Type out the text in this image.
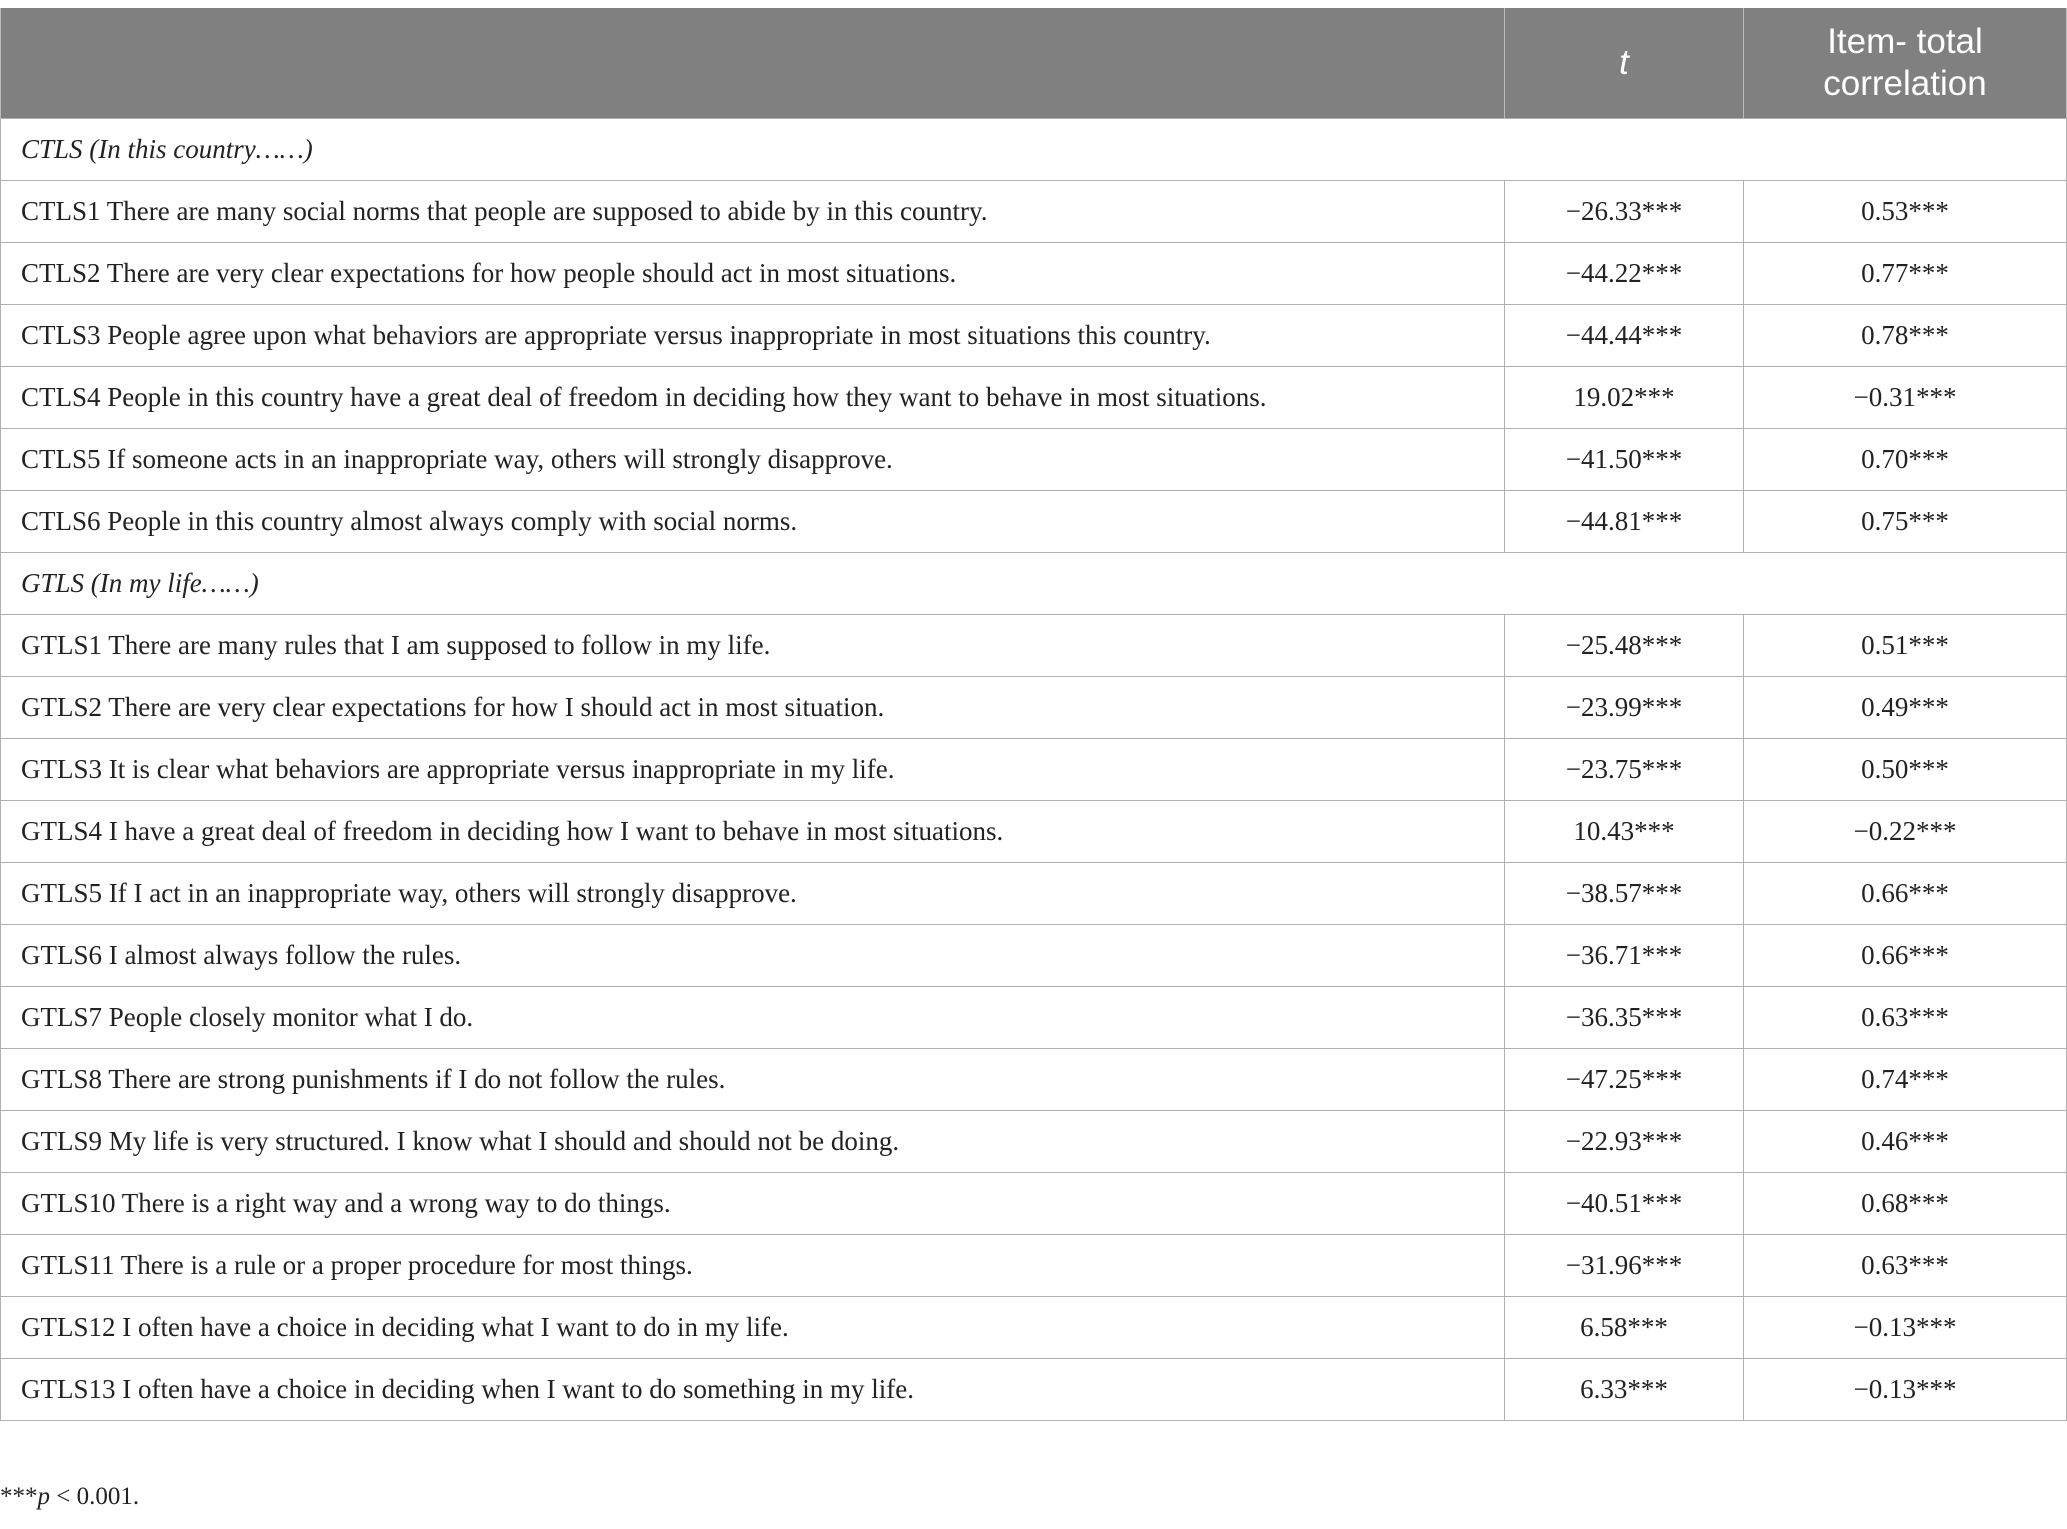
	t	Item- total
correlation

CTLS (In this country……)		
CTLS1 There are many social norms that people are supposed to abide by in this country.	−26.33***	0.53***
CTLS2 There are very clear expectations for how people should act in most situations.	−44.22***	0.77***
CTLS3 People agree upon what behaviors are appropriate versus inappropriate in most situations this country.	−44.44***	0.78***
CTLS4 People in this country have a great deal of freedom in deciding how they want to behave in most situations.	19.02***	−0.31***
CTLS5 If someone acts in an inappropriate way, others will strongly disapprove.	−41.50***	0.70***
CTLS6 People in this country almost always comply with social norms.	−44.81***	0.75***
GTLS (In my life……)		
GTLS1 There are many rules that I am supposed to follow in my life.	−25.48***	0.51***
GTLS2 There are very clear expectations for how I should act in most situation.	−23.99***	0.49***
GTLS3 It is clear what behaviors are appropriate versus inappropriate in my life.	−23.75***	0.50***
GTLS4 I have a great deal of freedom in deciding how I want to behave in most situations.	10.43***	−0.22***
GTLS5 If I act in an inappropriate way, others will strongly disapprove.	−38.57***	0.66***
GTLS6 I almost always follow the rules.	−36.71***	0.66***
GTLS7 People closely monitor what I do.	−36.35***	0.63***
GTLS8 There are strong punishments if I do not follow the rules.	−47.25***	0.74***
GTLS9 My life is very structured. I know what I should and should not be doing.	−22.93***	0.46***
GTLS10 There is a right way and a wrong way to do things.	−40.51***	0.68***
GTLS11 There is a rule or a proper procedure for most things.	−31.96***	0.63***
GTLS12 I often have a choice in deciding what I want to do in my life.	6.58***	−0.13***
GTLS13 I often have a choice in deciding when I want to do something in my life.	6.33***	−0.13***
***p < 0.001.
